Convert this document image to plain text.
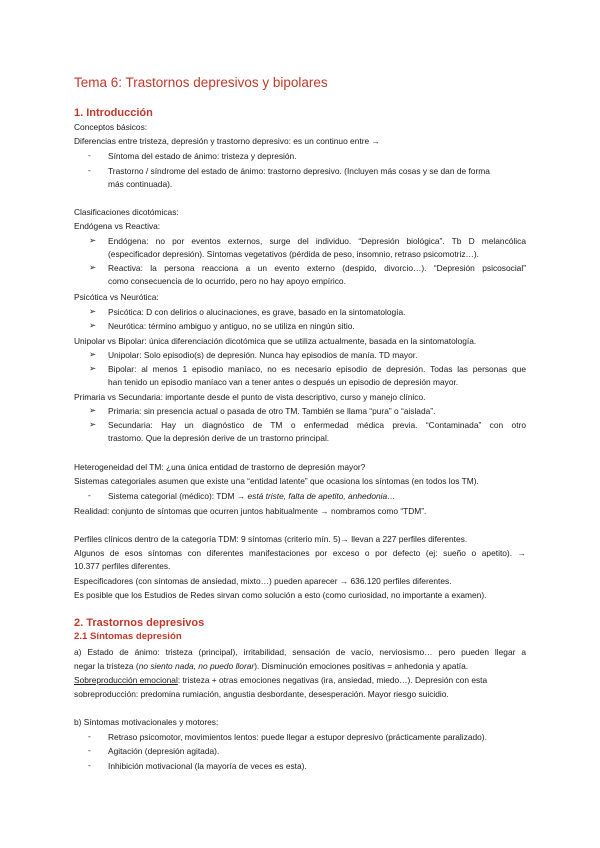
Tema 6: Trastornos depresivos y bipolares
1. Introducción
Conceptos básicos:
Diferencias entre tristeza, depresión y trastorno depresivo: es un continuo entre →
- Síntoma del estado de ánimo: tristeza y depresión.
- Trastorno / síndrome del estado de ánimo: trastorno depresivo. (Incluyen más cosas y se dan de forma
más continuada).
Clasificaciones dicotómicas:
Endógena vs Reactiva:
➢ Endógena: no por eventos externos, surge del individuo. “Depresión biológica”. Tb D melancólica
(especificador depresión). Síntomas vegetativos (pérdida de peso, insomnio, retraso psicomotriz…).
➢ Reactiva: la persona reacciona a un evento externo (despido, divorcio…). “Depresión psicosocial”
como consecuencia de lo ocurrido, pero no hay apoyo empírico.
Psicótica vs Neurótica:
➢ Psicótica: D con delirios o alucinaciones, es grave, basado en la sintomatología.
➢ Neurótica: término ambiguo y antiguo, no se utiliza en ningún sitio.
Unipolar vs Bipolar: única diferenciación dicotómica que se utiliza actualmente, basada en la sintomatología.
➢ Unipolar: Solo episodio(s) de depresión. Nunca hay episodios de manía. TD mayor.
➢ Bipolar: al menos 1 episodio maníaco, no es necesario episodio de depresión. Todas las personas que
han tenido un episodio maníaco van a tener antes o después un episodio de depresión mayor.
Primaria vs Secundaria: importante desde el punto de vista descriptivo, curso y manejo clínico.
➢ Primaria: sin presencia actual o pasada de otro TM. También se llama “pura” o “aislada”.
➢ Secundaria: Hay un diagnóstico de TM o enfermedad médica previa. “Contaminada” con otro
trastorno. Que la depresión derive de un trastorno principal.
Heterogeneidad del TM: ¿una única entidad de trastorno de depresión mayor?
Sistemas categoriales asumen que existe una “entidad latente” que ocasiona los síntomas (en todos los TM).
- Sistema categorial (médico): TDM → está triste, falta de apetito, anhedonia…
Realidad: conjunto de síntomas que ocurren juntos habitualmente → nombramos como “TDM”.
Perfiles clínicos dentro de la categoría TDM: 9 síntomas (criterio mín. 5)→ llevan a 227 perfiles diferentes.
Algunos de esos síntomas con diferentes manifestaciones por exceso o por defecto (ej: sueño o apetito). →
10.377 perfiles diferentes.
Especificadores (con síntomas de ansiedad, mixto…) pueden aparecer → 636.120 perfiles diferentes.
Es posible que los Estudios de Redes sirvan como solución a esto (como curiosidad, no importante a examen).
2. Trastornos depresivos
2.1 Síntomas depresión
a) Estado de ánimo: tristeza (principal), irritabilidad, sensación de vacío, nerviosismo… pero pueden llegar a
negar la tristeza (no siento nada, no puedo llorar). Disminución emociones positivas = anhedonia y apatía.
Sobreproducción emocional: tristeza + otras emociones negativas (ira, ansiedad, miedo…). Depresión con esta
sobreproducción: predomina rumiación, angustia desbordante, desesperación. Mayor riesgo suicidio.
b) Síntomas motivacionales y motores:
- Retraso psicomotor, movimientos lentos: puede llegar a estupor depresivo (prácticamente paralizado).
- Agitación (depresión agitada).
- Inhibición motivacional (la mayoría de veces es esta).
